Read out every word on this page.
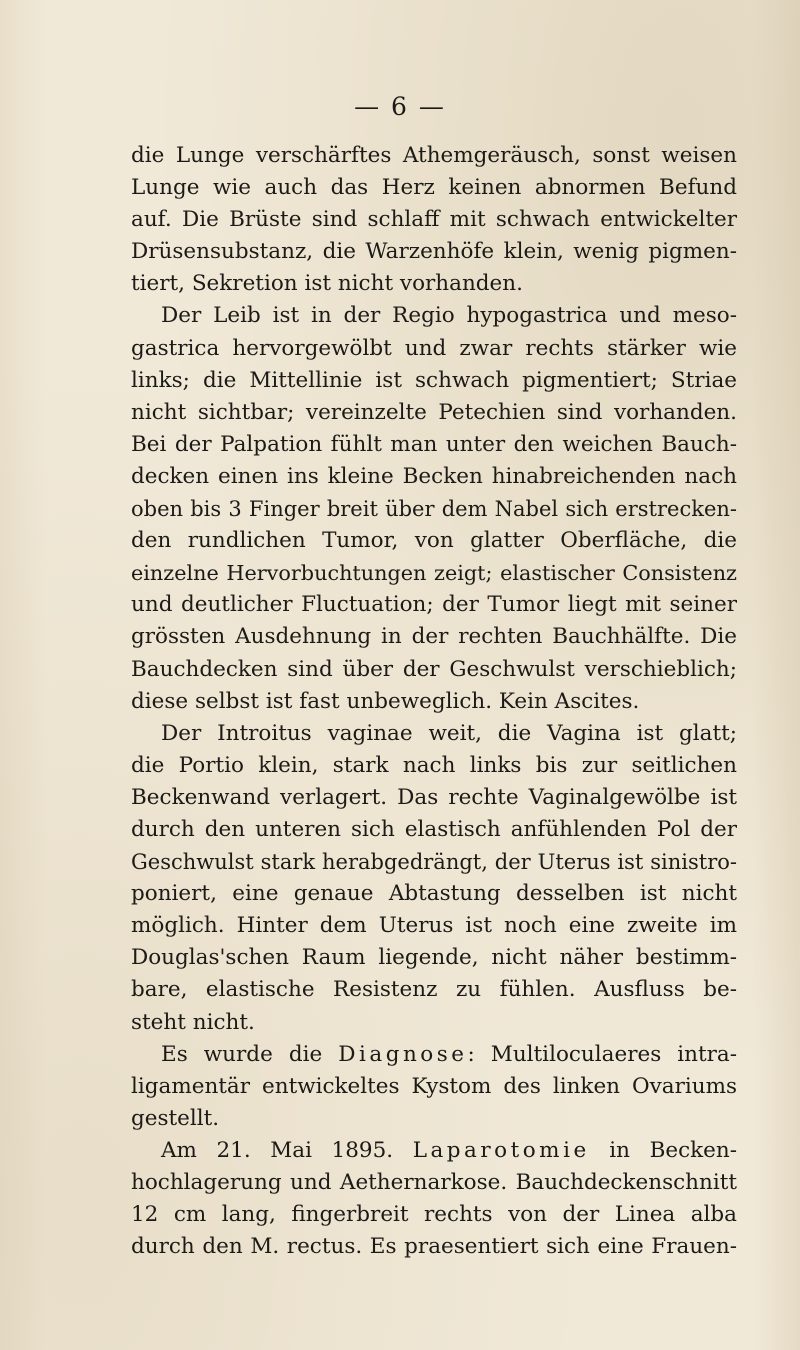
— 6 —
die Lunge verschärftes Athemgeräusch, sonst weisen
Lunge wie auch das Herz keinen abnormen Befund
auf. Die Brüste sind schlaff mit schwach entwickelter
Drüsensubstanz, die Warzenhöfe klein, wenig pigmen-
tiert, Sekretion ist nicht vorhanden.
Der Leib ist in der Regio hypogastrica und meso-
gastrica hervorgewölbt und zwar rechts stärker wie
links; die Mittellinie ist schwach pigmentiert; Striae
nicht sichtbar; vereinzelte Petechien sind vorhanden.
Bei der Palpation fühlt man unter den weichen Bauch-
decken einen ins kleine Becken hinabreichenden nach
oben bis 3 Finger breit über dem Nabel sich erstrecken-
den rundlichen Tumor, von glatter Oberfläche, die
einzelne Hervorbuchtungen zeigt; elastischer Consistenz
und deutlicher Fluctuation; der Tumor liegt mit seiner
grössten Ausdehnung in der rechten Bauchhälfte. Die
Bauchdecken sind über der Geschwulst verschieblich;
diese selbst ist fast unbeweglich. Kein Ascites.
Der Introitus vaginae weit, die Vagina ist glatt;
die Portio klein, stark nach links bis zur seitlichen
Beckenwand verlagert. Das rechte Vaginalgewölbe ist
durch den unteren sich elastisch anfühlenden Pol der
Geschwulst stark herabgedrängt, der Uterus ist sinistro-
poniert, eine genaue Abtastung desselben ist nicht
möglich. Hinter dem Uterus ist noch eine zweite im
Douglas'schen Raum liegende, nicht näher bestimm-
bare, elastische Resistenz zu fühlen. Ausfluss be-
steht nicht.
Es wurde die Diagnose: Multiloculaeres intra-
ligamentär entwickeltes Kystom des linken Ovariums
gestellt.
Am 21. Mai 1895. Laparotomie in Becken-
hochlagerung und Aethernarkose. Bauchdeckenschnitt
12 cm lang, fingerbreit rechts von der Linea alba
durch den M. rectus. Es praesentiert sich eine Frauen-
